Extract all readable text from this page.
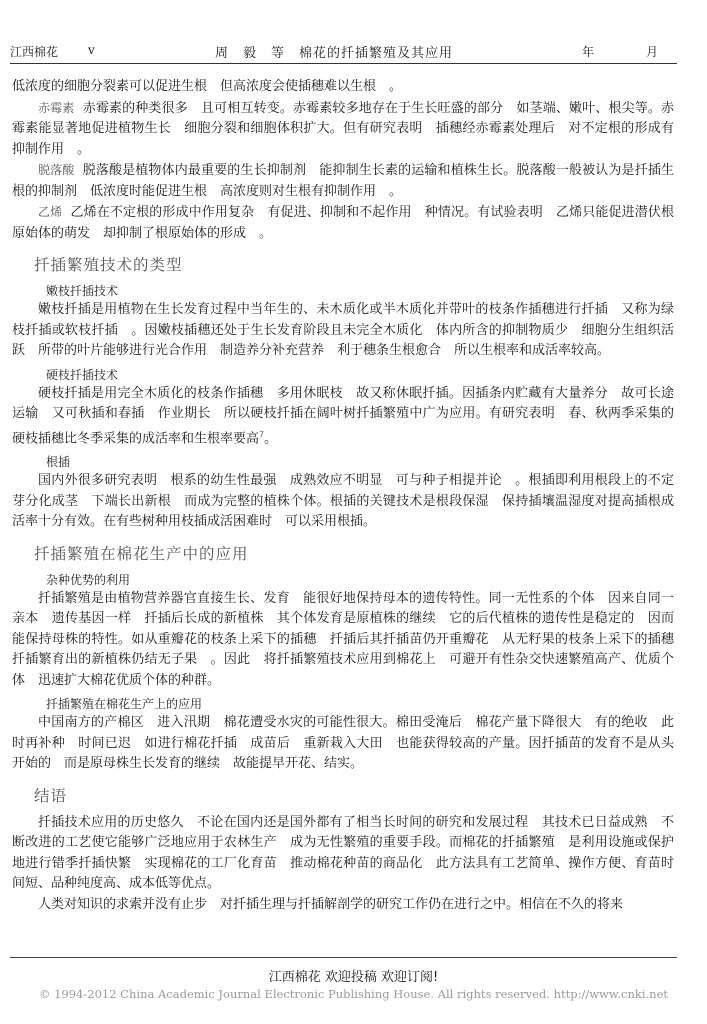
江西棉花 v	周　毅　等　棉花的扦插繁殖及其应用	年　月

低浓度的细胞分裂素可以促进生根　但高浓度会使插穗难以生根　。

赤霉素 赤霉素的种类很多　且可相互转变。赤霉素较多地存在于生长旺盛的部分　如茎端、嫩叶、根尖等。赤霉素能显著地促进植物生长　细胞分裂和细胞体积扩大。但有研究表明　插穗经赤霉素处理后　对不定根的形成有抑制作用　。

脱落酸 脱落酸是植物体内最重要的生长抑制剂　能抑制生长素的运输和植株生长。脱落酸一般被认为是扦插生根的抑制剂　低浓度时能促进生根　高浓度则对生根有抑制作用　。

乙烯 乙烯在不定根的形成中作用复杂　有促进、抑制和不起作用　种情况。有试验表明　乙烯只能促进潜伏根原始体的萌发　却抑制了根原始体的形成　。

扦插繁殖技术的类型
嫩枝扦插技术

嫩枝扦插是用植物在生长发育过程中当年生的、未木质化或半木质化并带叶的枝条作插穗进行扦插　又称为绿枝扦插或软枝扦插　。因嫩枝插穗还处于生长发育阶段且未完全木质化　体内所含的抑制物质少　细胞分生组织活跃　所带的叶片能够进行光合作用　制造养分补充营养　利于穗条生根愈合　所以生根率和成活率较高。

硬枝扦插技术

硬枝扦插是用完全木质化的枝条作插穗　多用休眠枝　故又称休眠扦插。因插条内贮藏有大量养分　故可长途运输　又可秋插和春插　作业期长　所以硬枝扦插在阔叶树扦插繁殖中广为应用。有研究表明　春、秋两季采集的硬枝插穗比冬季采集的成活率和生根率要高$^7$。

根插

国内外很多研究表明　根系的幼生性最强　成熟效应不明显　可与种子相提并论　。根插即利用根段上的不定芽分化成茎　下端长出新根　而成为完整的植株个体。根插的关键技术是根段保湿　保持插壤温湿度对提高插根成活率十分有效。在有些树种用枝插成活困难时　可以采用根插。

扦插繁殖在棉花生产中的应用
杂种优势的利用

扦插繁殖是由植物营养器官直接生长、发育　能很好地保持母本的遗传特性。同一无性系的个体　因来自同一亲本　遗传基因一样　扦插后长成的新植株　其个体发育是原植株的继续　它的后代植株的遗传性是稳定的　因而能保持母株的特性。如从重瓣花的枝条上采下的插穗　扦插后其扦插苗仍开重瓣花　从无籽果的枝条上采下的插穗　扦插繁育出的新植株仍结无子果　。因此　将扦插繁殖技术应用到棉花上　可避开有性杂交快速繁殖高产、优质个体　迅速扩大棉花优质个体的种群。

扦插繁殖在棉花生产上的应用

中国南方的产棉区　进入汛期　棉花遭受水灾的可能性很大。棉田受淹后　棉花产量下降很大　有的绝收　此时再补种　时间已迟　如进行棉花扦插　成苗后　重新栽入大田　也能获得较高的产量。因扦插苗的发育不是从头开始的　而是原母株生长发育的继续　故能提早开花、结实。

结语

扦插技术应用的历史悠久　不论在国内还是国外都有了相当长时间的研究和发展过程　其技术已日益成熟　不断改进的工艺使它能够广泛地应用于农林生产　成为无性繁殖的重要手段。而棉花的扦插繁殖　是利用设施或保护地进行错季扦插快繁　实现棉花的工厂化育苗　推动棉花种苗的商品化　此方法具有工艺简单、操作方便、育苗时间短、品种纯度高、成本低等优点。

人类对知识的求索并没有止步　对扦插生理与扦插解剖学的研究工作仍在进行之中。相信在不久的将来

江西棉花 欢迎投稿 欢迎订阅!
© 1994-2012 China Academic Journal Electronic Publishing House. All rights reserved. http://www.cnki.net
